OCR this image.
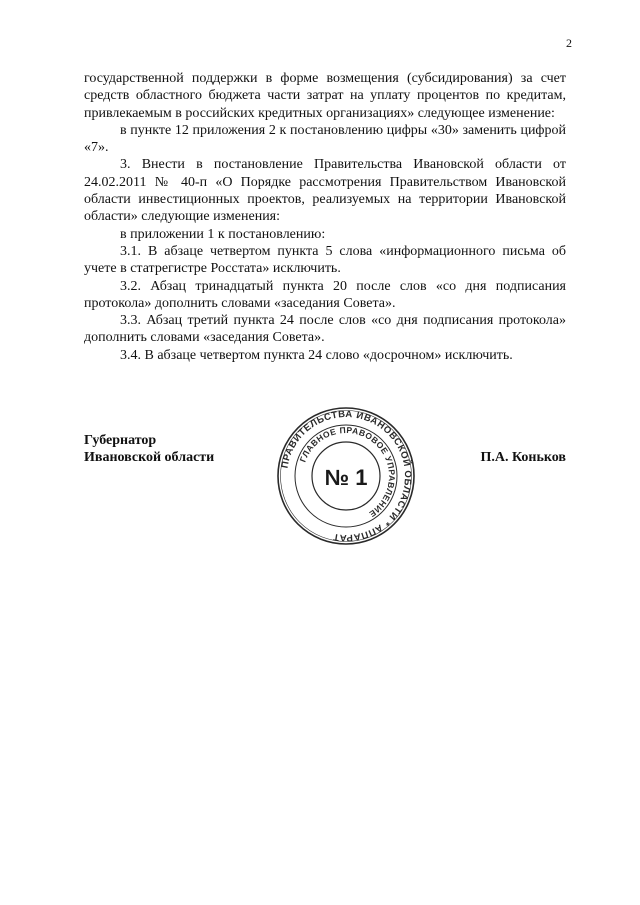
2

государственной поддержки в форме возмещения (субсидирования) за счет средств областного бюджета части затрат на уплату процентов по кредитам, привлекаемым в российских кредитных организациях» следующее изменение:

в пункте 12 приложения 2 к постановлению цифры «30» заменить цифрой «7».

3. Внести в постановление Правительства Ивановской области от 24.02.2011 № 40-п «О Порядке рассмотрения Правительством Ивановской области инвестиционных проектов, реализуемых на территории Ивановской области» следующие изменения:

в приложении 1 к постановлению:

3.1. В абзаце четвертом пункта 5 слова «информационного письма об учете в статрегистре Росстата» исключить.

3.2. Абзац тринадцатый пункта 20 после слов «со дня подписания протокола» дополнить словами «заседания Совета».

3.3. Абзац третий пункта 24 после слов «со дня подписания протокола» дополнить словами «заседания Совета».

3.4. В абзаце четвертом пункта 24 слово «досрочном» исключить.

Губернатор
Ивановской области	П.А. Коньков
ПРАВИТЕЛЬСТВА ИВАНОВСКОЙ ОБЛАСТИ * АППАРАТ
ГЛАВНОЕ ПРАВОВОЕ УПРАВЛЕНИЕ
№ 1
